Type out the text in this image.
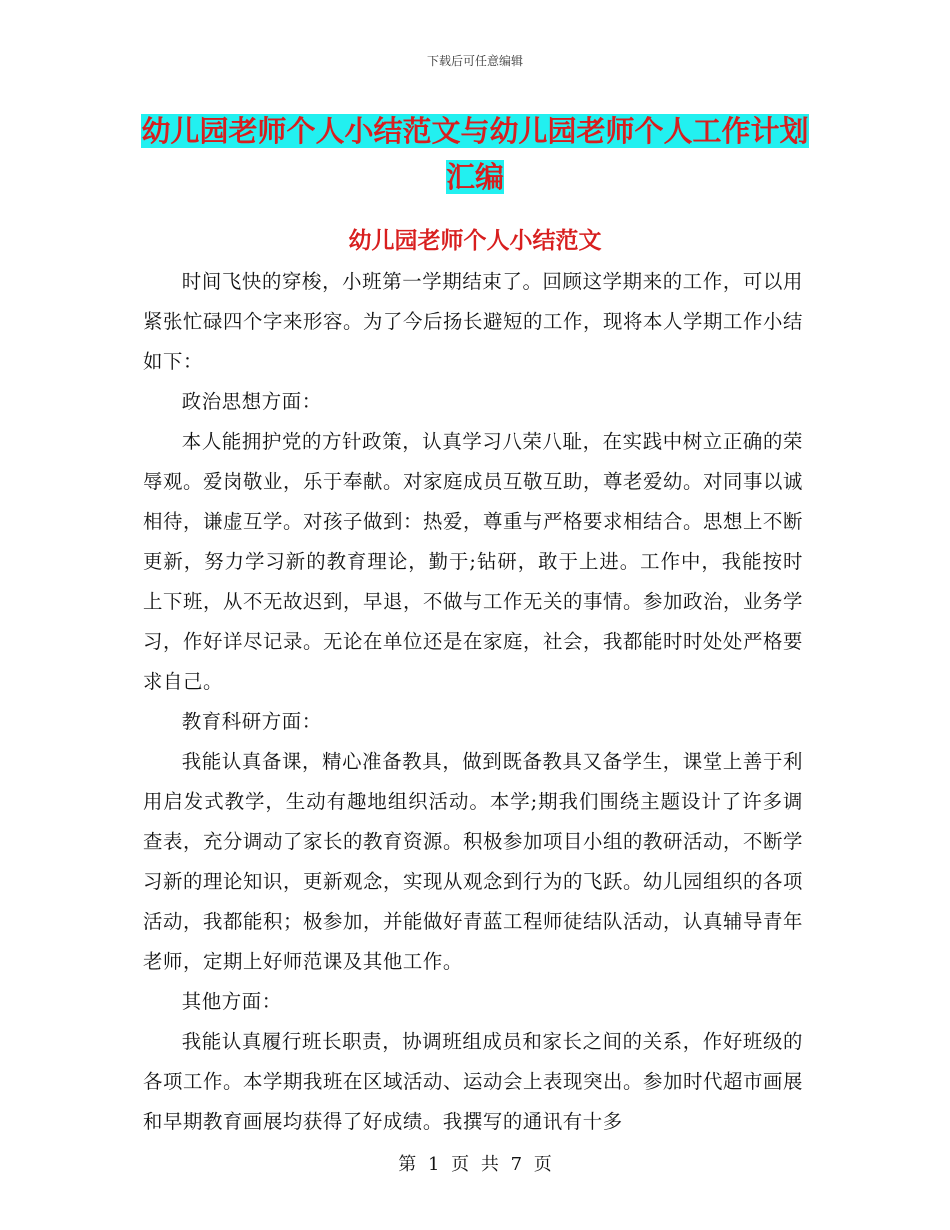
下载后可任意编辑
幼儿园老师个人小结范文与幼儿园老师个人工作计划汇编
幼儿园老师个人小结范文

时间飞快的穿梭，小班第一学期结束了。回顾这学期来的工作，可以用紧张忙碌四个字来形容。为了今后扬长避短的工作，现将本人学期工作小结如下：

政治思想方面：

本人能拥护党的方针政策，认真学习八荣八耻，在实践中树立正确的荣辱观。爱岗敬业，乐于奉献。对家庭成员互敬互助，尊老爱幼。对同事以诚相待，谦虚互学。对孩子做到：热爱，尊重与严格要求相结合。思想上不断更新，努力学习新的教育理论，勤于;钻研，敢于上进。工作中，我能按时上下班，从不无故迟到，早退，不做与工作无关的事情。参加政治，业务学习，作好详尽记录。无论在单位还是在家庭，社会，我都能时时处处严格要求自己。

教育科研方面：

我能认真备课，精心准备教具，做到既备教具又备学生，课堂上善于利用启发式教学，生动有趣地组织活动。本学;期我们围绕主题设计了许多调查表，充分调动了家长的教育资源。积极参加项目小组的教研活动，不断学习新的理论知识，更新观念，实现从观念到行为的飞跃。幼儿园组织的各项活动，我都能积；极参加，并能做好青蓝工程师徒结队活动，认真辅导青年老师，定期上好师范课及其他工作。

其他方面：

我能认真履行班长职责，协调班组成员和家长之间的关系，作好班级的各项工作。本学期我班在区域活动、运动会上表现突出。参加时代超市画展和早期教育画展均获得了好成绩。我撰写的通讯有十多

第 1 页 共 7 页
